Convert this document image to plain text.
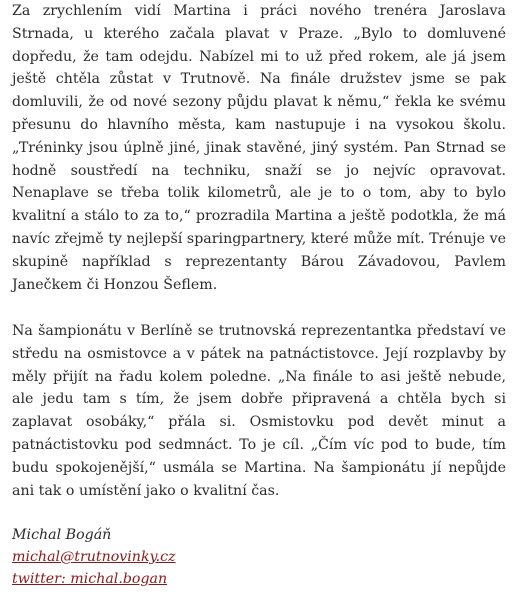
Za zrychlením vidí Martina i práci nového trenéra Jaroslava Strnada, u kterého začala plavat v Praze. „Bylo to domluvené dopředu, že tam odejdu. Nabízel mi to už před rokem, ale já jsem ještě chtěla zůstat v Trutnově. Na finále družstev jsme se pak domluvili, že od nové sezony půjdu plavat k němu,“ řekla ke svému přesunu do hlavního města, kam nastupuje i na vysokou školu. „Tréninky jsou úplně jiné, jinak stavěné, jiný systém. Pan Strnad se hodně soustředí na techniku, snaží se jo nejvíc opravovat. Nenaplave se třeba tolik kilometrů, ale je to o tom, aby to bylo kvalitní a stálo to za to,“ prozradila Martina a ještě podotkla, že má navíc zřejmě ty nejlepší sparingpartnery, které může mít. Trénuje ve skupině například s reprezentanty Bárou Závadovou, Pavlem Janečkem či Honzou Šeflem.

Na šampionátu v Berlíně se trutnovská reprezentantka představí ve středu na osmistovce a v pátek na patnáctistovce. Její rozplavby by měly přijít na řadu kolem poledne. „Na finále to asi ještě nebude, ale jedu tam s tím, že jsem dobře připravená a chtěla bych si zaplavat osobáky,“ přála si. Osmistovku pod devět minut a patnáctistovku pod sedmnáct. To je cíl. „Čím víc pod to bude, tím budu spokojenější,“ usmála se Martina. Na šampionátu jí nepůjde ani tak o umístění jako o kvalitní čas.

Michal Bogáň
michal@trutnovinky.cz
twitter: michal.bogan
